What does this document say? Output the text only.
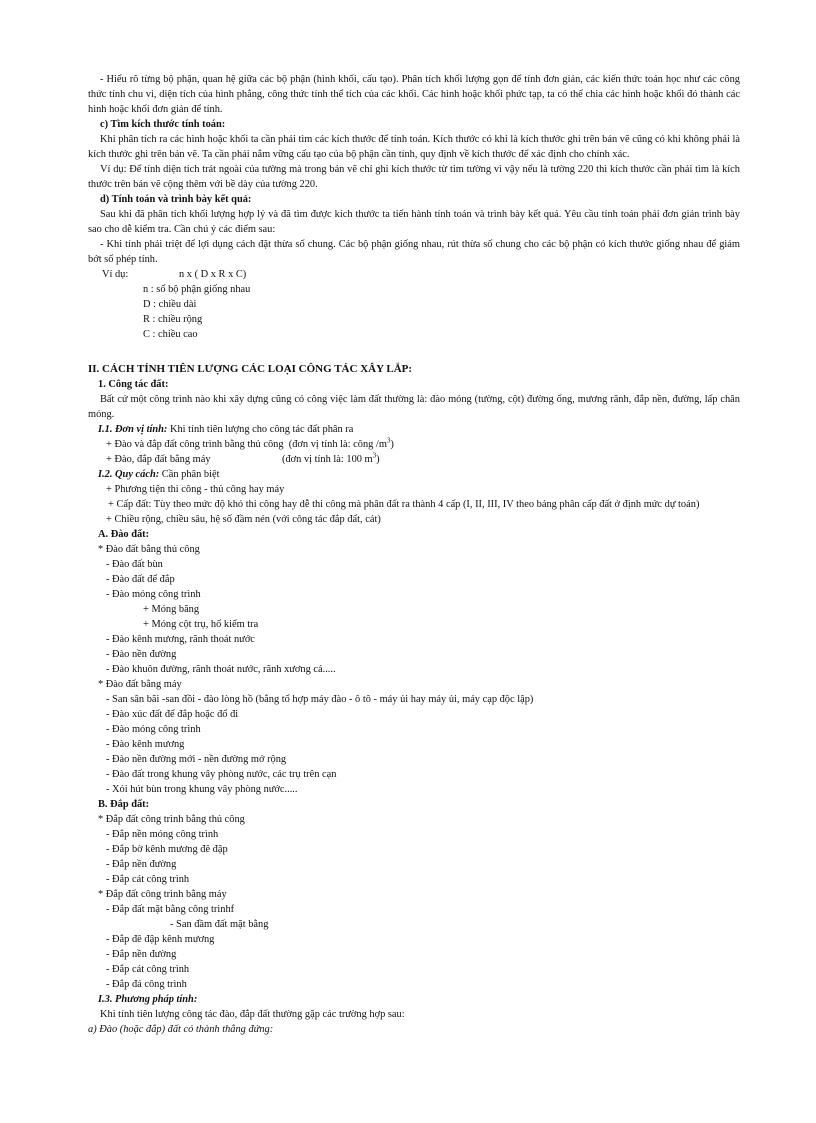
- Hiểu rõ từng bộ phận, quan hệ giữa các bộ phận (hình khối, cấu tạo). Phân tích khối lượng gọn để tính đơn giản, các kiến thức toán học như các công thức tính chu vi, diện tích của hình phẳng, công thức tính thể tích của các khối. Các hình hoặc khối phức tạp, ta có thể chia các hình hoặc khối đó thành các hình hoặc khối đơn giản để tính.

c) Tìm kích thước tính toán:

Khi phân tích ra các hình hoặc khối ta cần phải tìm các kích thước để tính toán. Kích thước có khi là kích thước ghi trên bản vẽ cũng có khi không phải là kích thước ghi trên bản vẽ. Ta cần phải nắm vững cấu tạo của bộ phận cần tính, quy định về kích thước để xác định cho chính xác.

Ví dụ: Để tính diện tích trát ngoài của tường mà trong bản vẽ chỉ ghi kích thước từ tim tường vì vậy nếu là tường 220 thì kích thước cần phải tìm là kích thước trên bản vẽ cộng thêm với bề dày của tường 220.

d) Tính toán và trình bày kết quả:

Sau khi đã phân tích khối lượng hợp lý và đã tìm được kích thước ta tiến hành tính toán và trình bày kết quả. Yêu cầu tính toán phải đơn giản trình bày sao cho dễ kiểm tra. Cần chú ý các điểm sau:

- Khi tính phải triệt để lợi dụng cách đặt thừa số chung. Các bộ phận giống nhau, rút thừa số chung cho các bộ phận có kích thước giống nhau để giảm bớt số phép tính.

Ví dụ:	n x ( D x R x C)
n : số bộ phận giống nhau
D : chiều dài
R : chiều rộng
C : chiều cao

II. CÁCH TÍNH TIÊN LƯỢNG CÁC LOẠI CÔNG TÁC XÂY LẮP:

1. Công tác đất:

Bất cứ một công trình nào khi xây dựng cũng có công việc làm đất thường là: đào móng (tường, cột) đường ống, mương rãnh, đắp nền, đường, lấp chân móng.

I.1. Đơn vị tính: Khi tính tiên lượng cho công tác đất phân ra

+ Đào và đắp đất công trình bằng thủ công (đơn vị tính là: công $/m^3$)

+ Đào, đắp đất bằng máy	(đơn vị tính là: 100 $m^3$)

I.2. Quy cách: Cần phân biệt

+ Phương tiện thi công - thủ công hay máy

+ Cấp đất: Tùy theo mức độ khó thi công hay dễ thi công mà phân đất ra thành 4 cấp (I, II, III, IV theo bảng phân cấp đất ở định mức dự toán)

+ Chiều rộng, chiều sâu, hệ số đầm nén (với công tác đắp đất, cát)

A. Đào đất:

* Đào đất bằng thủ công

- Đào đất bùn

- Đào đất để đắp

- Đào móng công trình

+ Móng băng

+ Móng cột trụ, hố kiểm tra

- Đào kênh mương, rãnh thoát nước

- Đào nền đường

- Đào khuôn đường, rãnh thoát nước, rãnh xương cá.....

* Đào đất bằng máy

- San sân bãi -san đồi - đào lòng hồ (bằng tổ hợp máy đào - ô tô - máy ủi hay máy ủi, máy cạp độc lập)

- Đào xúc đất để đắp hoặc đổ đi

- Đào móng công trình

- Đào kênh mương

- Đào nền đường mới - nền đường mở rộng

- Đào đất trong khung vây phòng nước, các trụ trên cạn

- Xói hút bùn trong khung vây phòng nước.....

B. Đắp đất:

* Đắp đất công trình bằng thủ công

- Đắp nền móng công trình

- Đắp bờ kênh mương đê đập

- Đắp nền đường

- Đắp cát công trình

* Đắp đất công trình bằng máy

- Đắp đất mặt bằng công trinhf

- San đầm đất mặt bằng

- Đắp đê đập kênh mương

- Đắp nền đường

- Đắp cát công trình

- Đắp đá công trình

I.3. Phương pháp tính:

Khi tính tiên lượng công tác đào, đắp đất thường gặp các trường hợp sau:

a) Đào (hoặc đắp) đất có thành thẳng đứng:
